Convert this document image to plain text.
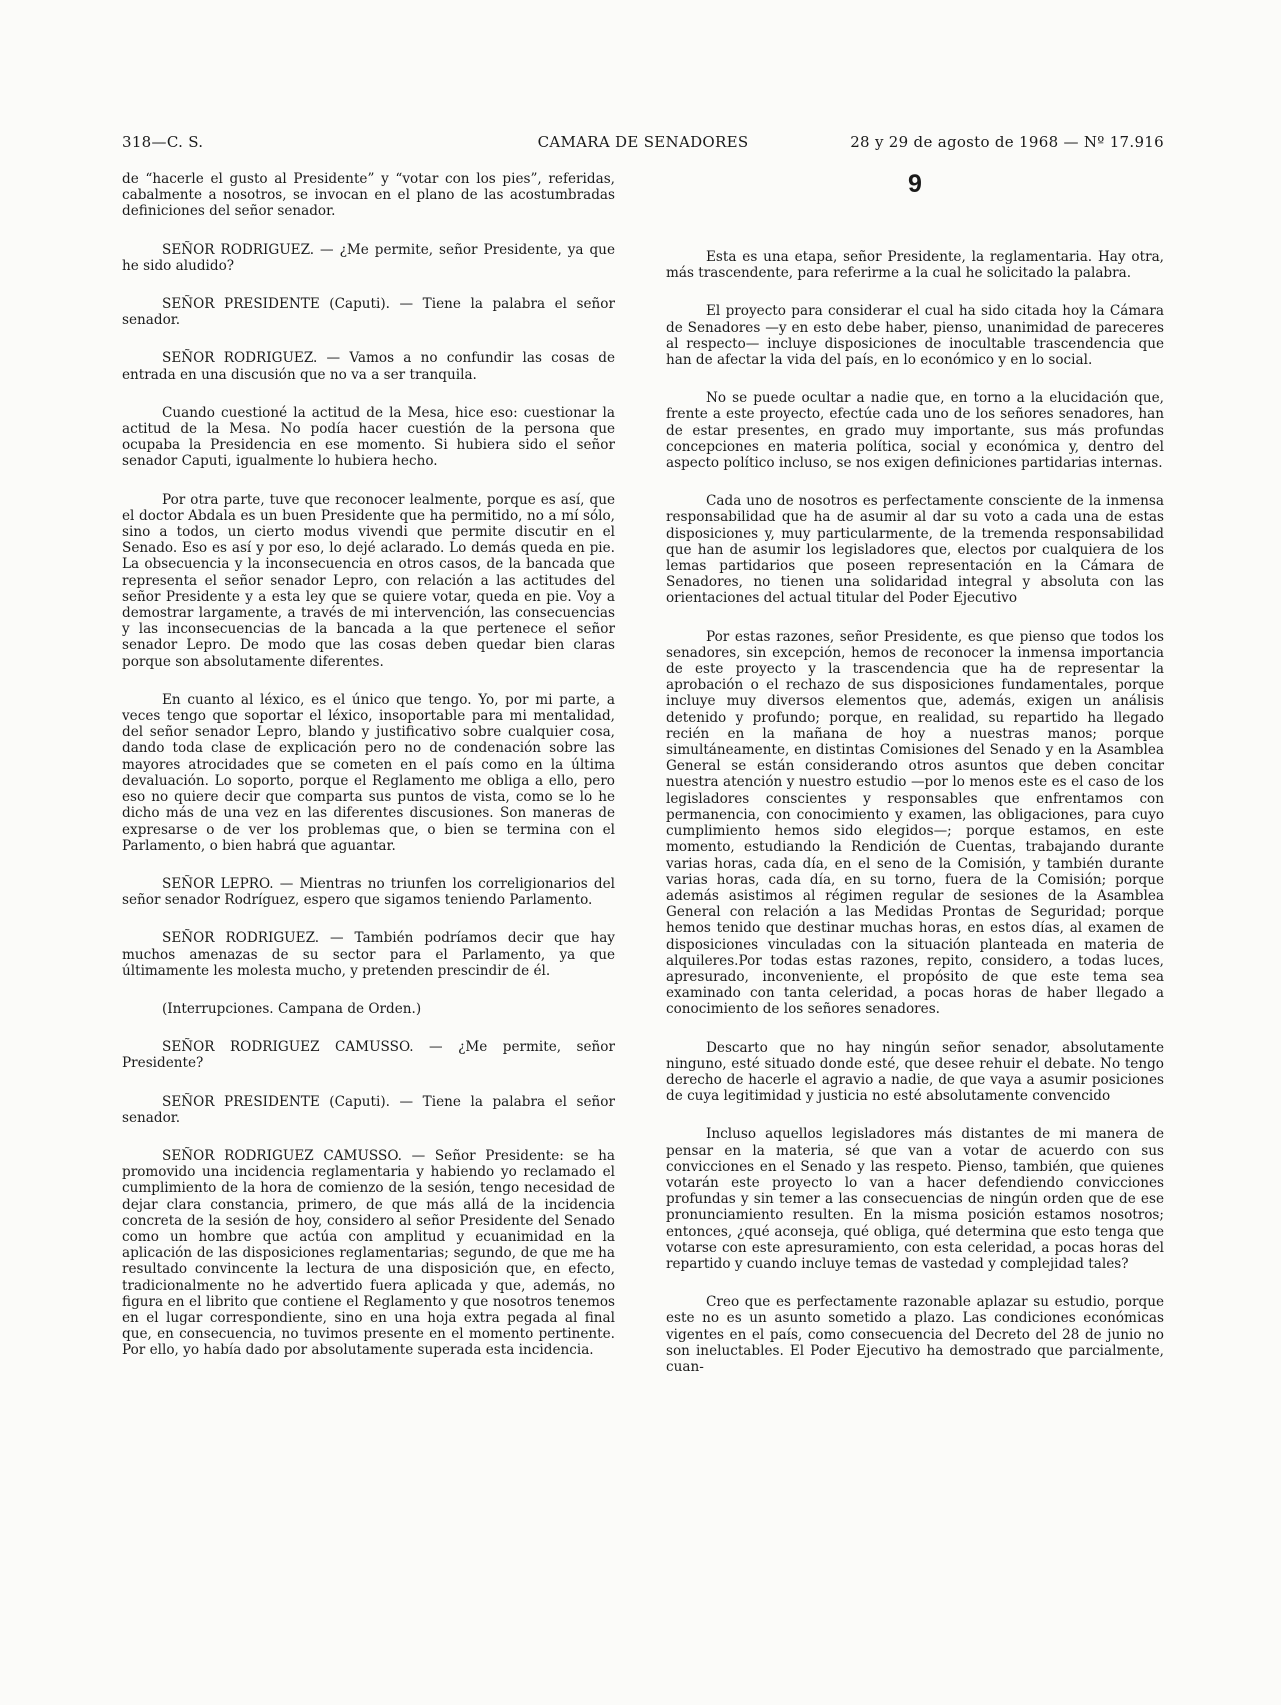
318—C. S.	CAMARA DE SENADORES	28 y 29 de agosto de 1968 — Nº 17.916

de “hacerle el gusto al Presidente” y “votar con los pies”, referidas, cabalmente a nosotros, se invocan en el plano de las acostumbradas definiciones del señor senador.

SEÑOR RODRIGUEZ. — ¿Me permite, señor Presidente, ya que he sido aludido?

SEÑOR PRESIDENTE (Caputi). — Tiene la palabra el señor senador.

SEÑOR RODRIGUEZ. — Vamos a no confundir las cosas de entrada en una discusión que no va a ser tranquila.

Cuando cuestioné la actitud de la Mesa, hice eso: cuestionar la actitud de la Mesa. No podía hacer cuestión de la persona que ocupaba la Presidencia en ese momento. Si hubiera sido el señor senador Caputi, igualmente lo hubiera hecho.

Por otra parte, tuve que reconocer lealmente, porque es así, que el doctor Abdala es un buen Presidente que ha permitido, no a mí sólo, sino a todos, un cierto modus vivendi que permite discutir en el Senado. Eso es así y por eso, lo dejé aclarado. Lo demás queda en pie. La obsecuencia y la inconsecuencia en otros casos, de la bancada que representa el señor senador Lepro, con relación a las actitudes del señor Presidente y a esta ley que se quiere votar, queda en pie. Voy a demostrar largamente, a través de mi intervención, las consecuencias y las inconsecuencias de la bancada a la que pertenece el señor senador Lepro. De modo que las cosas deben quedar bien claras porque son absolutamente diferentes.

En cuanto al léxico, es el único que tengo. Yo, por mi parte, a veces tengo que soportar el léxico, insoportable para mi mentalidad, del señor senador Lepro, blando y justificativo sobre cualquier cosa, dando toda clase de explicación pero no de condenación sobre las mayores atrocidades que se cometen en el país como en la última devaluación. Lo soporto, porque el Reglamento me obliga a ello, pero eso no quiere decir que comparta sus puntos de vista, como se lo he dicho más de una vez en las diferentes discusiones. Son maneras de expresarse o de ver los problemas que, o bien se termina con el Parlamento, o bien habrá que aguantar.

SEÑOR LEPRO. — Mientras no triunfen los correligionarios del señor senador Rodríguez, espero que sigamos teniendo Parlamento.

SEÑOR RODRIGUEZ. — También podríamos decir que hay muchos amenazas de su sector para el Parlamento, ya que últimamente les molesta mucho, y pretenden prescindir de él.

(Interrupciones. Campana de Orden.)

SEÑOR RODRIGUEZ CAMUSSO. — ¿Me permite, señor Presidente?

SEÑOR PRESIDENTE (Caputi). — Tiene la palabra el señor senador.

SEÑOR RODRIGUEZ CAMUSSO. — Señor Presidente: se ha promovido una incidencia reglamentaria y habiendo yo reclamado el cumplimiento de la hora de comienzo de la sesión, tengo necesidad de dejar clara constancia, primero, de que más allá de la incidencia concreta de la sesión de hoy, considero al señor Presidente del Senado como un hombre que actúa con amplitud y ecuanimidad en la aplicación de las disposiciones reglamentarias; segundo, de que me ha resultado convincente la lectura de una disposición que, en efecto, tradicionalmente no he advertido fuera aplicada y que, además, no figura en el librito que contiene el Reglamento y que nosotros tenemos en el lugar correspondiente, sino en una hoja extra pegada al final que, en consecuencia, no tuvimos presente en el momento pertinente. Por ello, yo había dado por absolutamente superada esta incidencia.

9

Esta es una etapa, señor Presidente, la reglamentaria. Hay otra, más trascendente, para referirme a la cual he solicitado la palabra.

El proyecto para considerar el cual ha sido citada hoy la Cámara de Senadores —y en esto debe haber, pienso, unanimidad de pareceres al respecto— incluye disposiciones de inocultable trascendencia que han de afectar la vida del país, en lo económico y en lo social.

No se puede ocultar a nadie que, en torno a la elucidación que, frente a este proyecto, efectúe cada uno de los señores senadores, han de estar presentes, en grado muy importante, sus más profundas concepciones en materia política, social y económica y, dentro del aspecto político incluso, se nos exigen definiciones partidarias internas.

Cada uno de nosotros es perfectamente consciente de la inmensa responsabilidad que ha de asumir al dar su voto a cada una de estas disposiciones y, muy particularmente, de la tremenda responsabilidad que han de asumir los legisladores que, electos por cualquiera de los lemas partidarios que poseen representación en la Cámara de Senadores, no tienen una solidaridad integral y absoluta con las orientaciones del actual titular del Poder Ejecutivo

Por estas razones, señor Presidente, es que pienso que todos los senadores, sin excepción, hemos de reconocer la inmensa importancia de este proyecto y la trascendencia que ha de representar la aprobación o el rechazo de sus disposiciones fundamentales, porque incluye muy diversos elementos que, además, exigen un análisis detenido y profundo; porque, en realidad, su repartido ha llegado recién en la mañana de hoy a nuestras manos; porque simultáneamente, en distintas Comisiones del Senado y en la Asamblea General se están considerando otros asuntos que deben concitar nuestra atención y nuestro estudio —por lo menos este es el caso de los legisladores conscientes y responsables que enfrentamos con permanencia, con conocimiento y examen, las obligaciones, para cuyo cumplimiento hemos sido elegidos—; porque estamos, en este momento, estudiando la Rendición de Cuentas, trabajando durante varias horas, cada día, en el seno de la Comisión, y también durante varias horas, cada día, en su torno, fuera de la Comisión; porque además asistimos al régimen regular de sesiones de la Asamblea General con relación a las Medidas Prontas de Seguridad; porque hemos tenido que destinar muchas horas, en estos días, al examen de disposiciones vinculadas con la situación planteada en materia de alquileres.Por todas estas razones, repito, considero, a todas luces, apresurado, inconveniente, el propósito de que este tema sea examinado con tanta celeridad, a pocas horas de haber llegado a conocimiento de los señores senadores.

Descarto que no hay ningún señor senador, absolutamente ninguno, esté situado donde esté, que desee rehuir el debate. No tengo derecho de hacerle el agravio a nadie, de que vaya a asumir posiciones de cuya legitimidad y justicia no esté absolutamente convencido

Incluso aquellos legisladores más distantes de mi manera de pensar en la materia, sé que van a votar de acuerdo con sus convicciones en el Senado y las respeto. Pienso, también, que quienes votarán este proyecto lo van a hacer defendiendo convicciones profundas y sin temer a las consecuencias de ningún orden que de ese pronunciamiento resulten. En la misma posición estamos nosotros; entonces, ¿qué aconseja, qué obliga, qué determina que esto tenga que votarse con este apresuramiento, con esta celeridad, a pocas horas del repartido y cuando incluye temas de vastedad y complejidad tales?

Creo que es perfectamente razonable aplazar su estudio, porque este no es un asunto sometido a plazo. Las condiciones económicas vigentes en el país, como consecuencia del Decreto del 28 de junio no son ineluctables. El Poder Ejecutivo ha demostrado que parcialmente, cuan-
